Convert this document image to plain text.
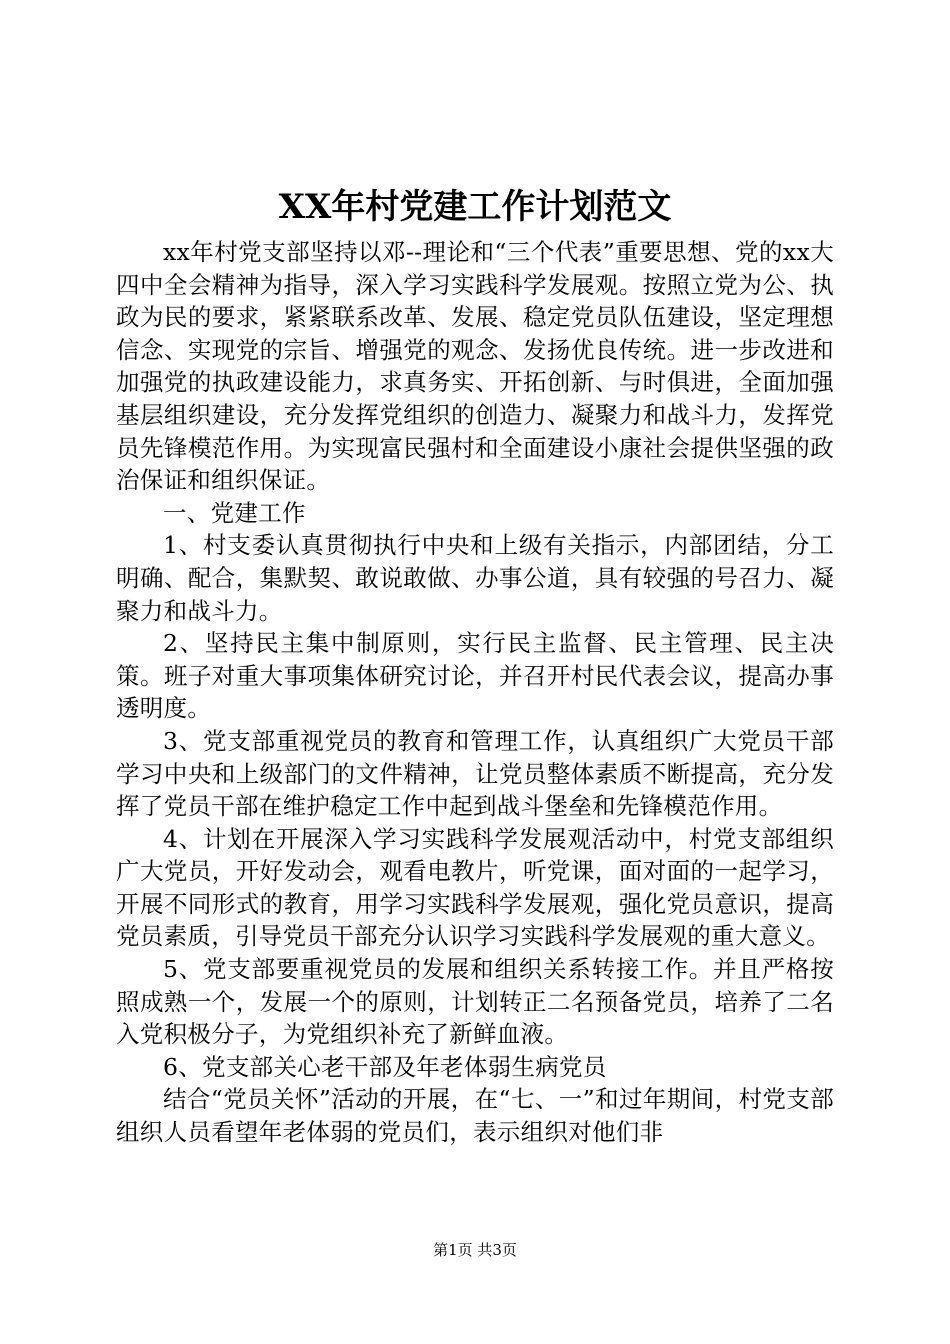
XX年村党建工作计划范文

xx年村党支部坚持以邓--理论和“三个代表”重要思想、党的xx大四中全会精神为指导，深入学习实践科学发展观。按照立党为公、执政为民的要求，紧紧联系改革、发展、稳定党员队伍建设，坚定理想信念、实现党的宗旨、增强党的观念、发扬优良传统。进一步改进和加强党的执政建设能力，求真务实、开拓创新、与时俱进，全面加强基层组织建设，充分发挥党组织的创造力、凝聚力和战斗力，发挥党员先锋模范作用。为实现富民强村和全面建设小康社会提供坚强的政治保证和组织保证。

一、党建工作

1、村支委认真贯彻执行中央和上级有关指示，内部团结，分工明确、配合，集默契、敢说敢做、办事公道，具有较强的号召力、凝聚力和战斗力。

2、坚持民主集中制原则，实行民主监督、民主管理、民主决策。班子对重大事项集体研究讨论，并召开村民代表会议，提高办事透明度。

3、党支部重视党员的教育和管理工作，认真组织广大党员干部学习中央和上级部门的文件精神，让党员整体素质不断提高，充分发挥了党员干部在维护稳定工作中起到战斗堡垒和先锋模范作用。

4、计划在开展深入学习实践科学发展观活动中，村党支部组织广大党员，开好发动会，观看电教片，听党课，面对面的一起学习，开展不同形式的教育，用学习实践科学发展观，强化党员意识，提高党员素质，引导党员干部充分认识学习实践科学发展观的重大意义。

5、党支部要重视党员的发展和组织关系转接工作。并且严格按照成熟一个，发展一个的原则，计划转正二名预备党员，培养了二名入党积极分子，为党组织补充了新鲜血液。

6、党支部关心老干部及年老体弱生病党员

结合“党员关怀”活动的开展，在“七、一”和过年期间，村党支部组织人员看望年老体弱的党员们，表示组织对他们非

第1页 共3页
